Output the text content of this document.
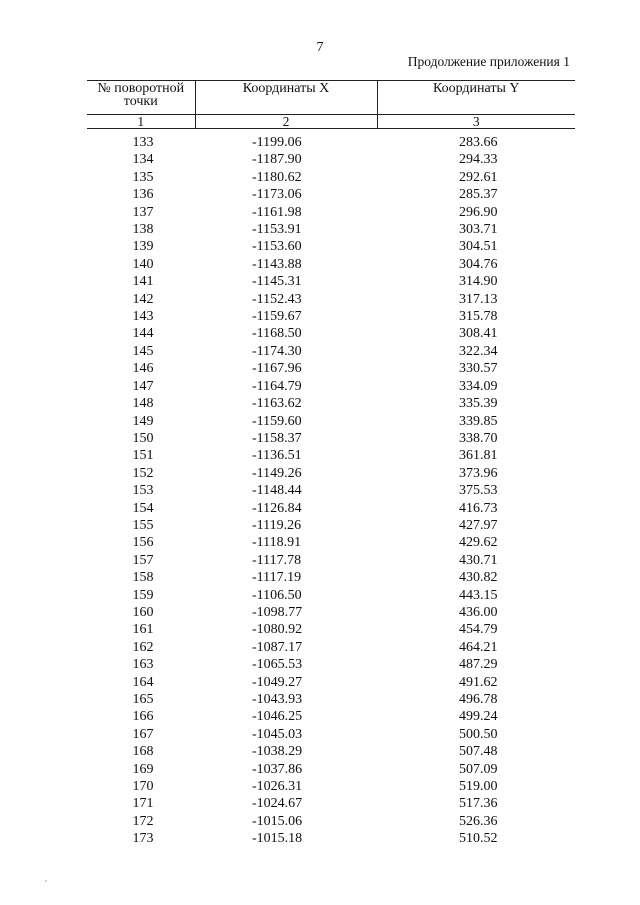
7
Продолжение приложения 1
№ поворотной точки	Координаты X	Координаты Y
1	2	3
133	-1199.06	283.66
134	-1187.90	294.33
135	-1180.62	292.61
136	-1173.06	285.37
137	-1161.98	296.90
138	-1153.91	303.71
139	-1153.60	304.51
140	-1143.88	304.76
141	-1145.31	314.90
142	-1152.43	317.13
143	-1159.67	315.78
144	-1168.50	308.41
145	-1174.30	322.34
146	-1167.96	330.57
147	-1164.79	334.09
148	-1163.62	335.39
149	-1159.60	339.85
150	-1158.37	338.70
151	-1136.51	361.81
152	-1149.26	373.96
153	-1148.44	375.53
154	-1126.84	416.73
155	-1119.26	427.97
156	-1118.91	429.62
157	-1117.78	430.71
158	-1117.19	430.82
159	-1106.50	443.15
160	-1098.77	436.00
161	-1080.92	454.79
162	-1087.17	464.21
163	-1065.53	487.29
164	-1049.27	491.62
165	-1043.93	496.78
166	-1046.25	499.24
167	-1045.03	500.50
168	-1038.29	507.48
169	-1037.86	507.09
170	-1026.31	519.00
171	-1024.67	517.36
172	-1015.06	526.36
173	-1015.18	510.52
